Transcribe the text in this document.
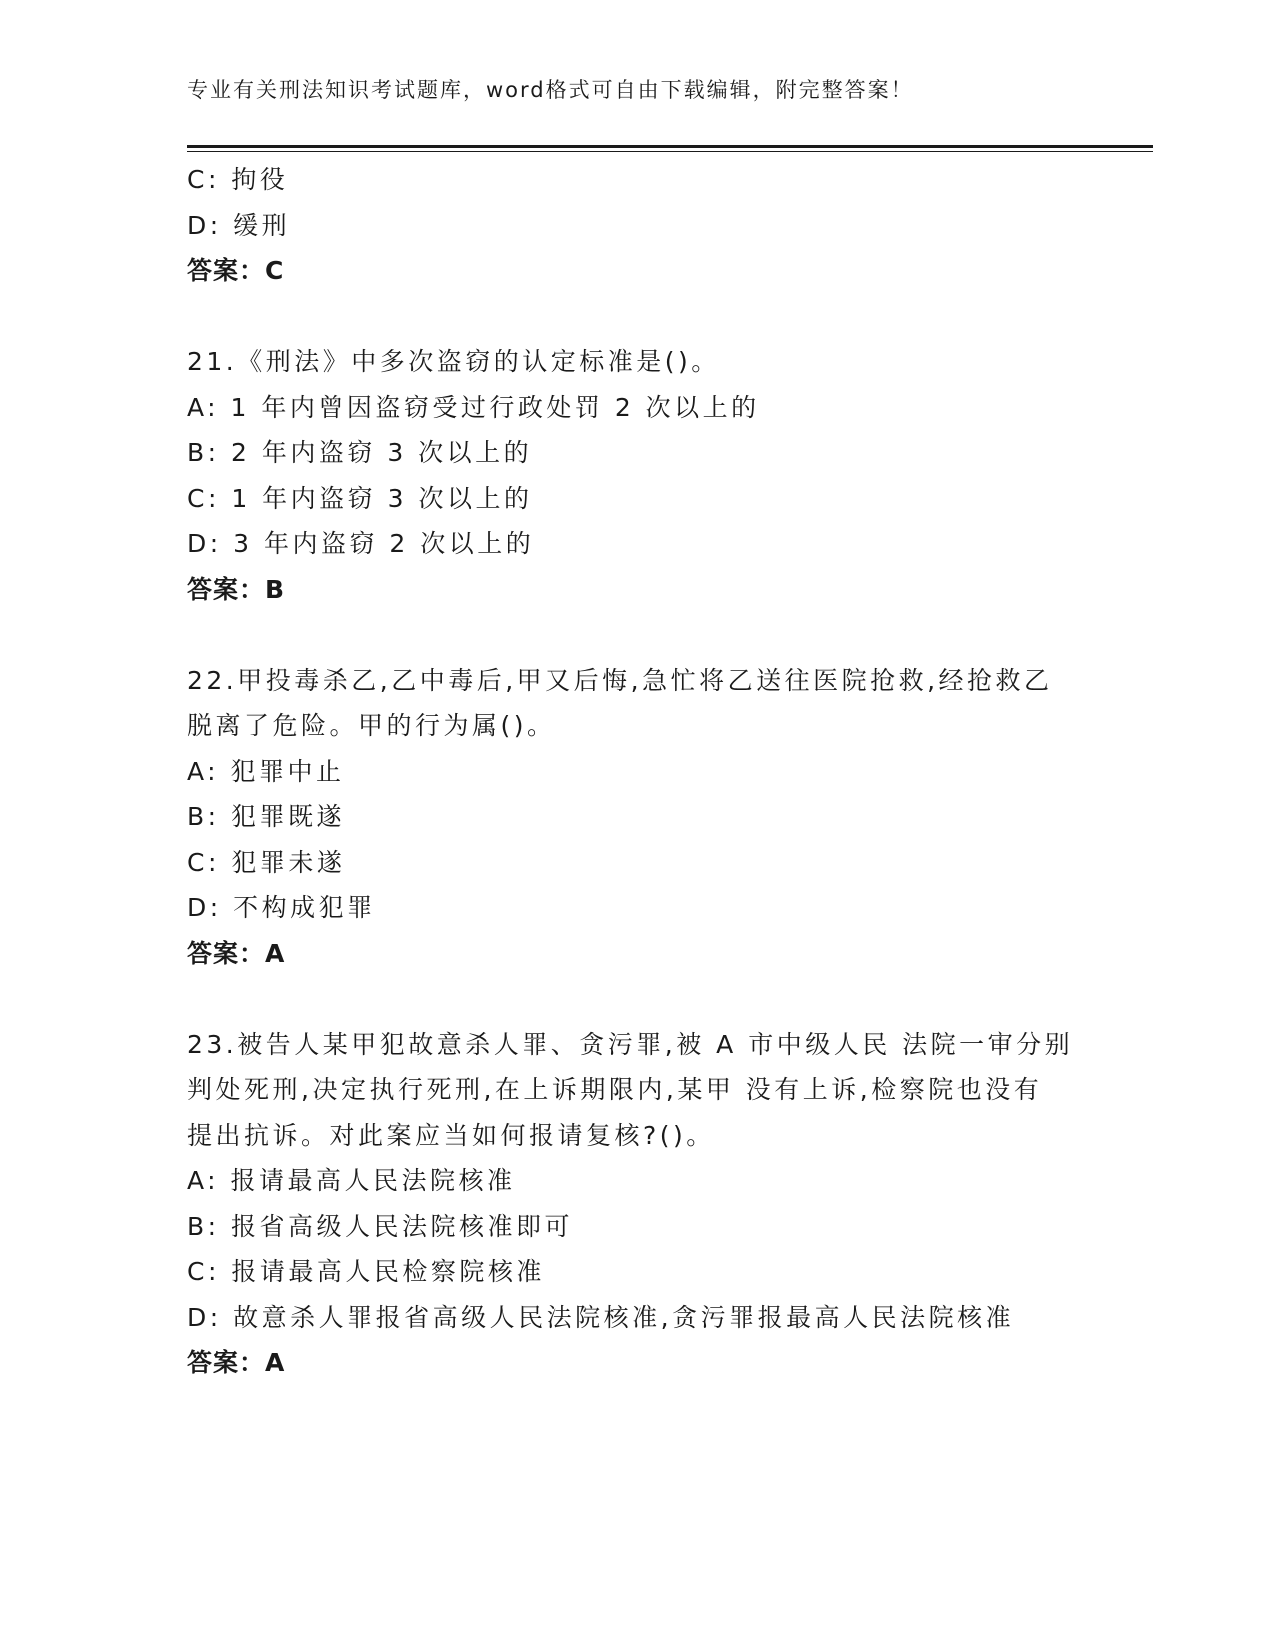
专业有关刑法知识考试题库，word格式可自由下载编辑，附完整答案！
C: 拘役
D: 缓刑
答案：C
21.《刑法》中多次盗窃的认定标准是()。
A: 1 年内曾因盗窃受过行政处罚 2 次以上的
B: 2 年内盗窃 3 次以上的
C: 1 年内盗窃 3 次以上的
D: 3 年内盗窃 2 次以上的
答案：B
22.甲投毒杀乙,乙中毒后,甲又后悔,急忙将乙送往医院抢救,经抢救乙
脱离了危险。甲的行为属()。
A: 犯罪中止
B: 犯罪既遂
C: 犯罪未遂
D: 不构成犯罪
答案：A
23.被告人某甲犯故意杀人罪、贪污罪,被 A 市中级人民 法院一审分别
判处死刑,决定执行死刑,在上诉期限内,某甲 没有上诉,检察院也没有
提出抗诉。对此案应当如何报请复核?()。
A: 报请最高人民法院核准
B: 报省高级人民法院核准即可
C: 报请最高人民检察院核准
D: 故意杀人罪报省高级人民法院核准,贪污罪报最高人民法院核准
答案：A
